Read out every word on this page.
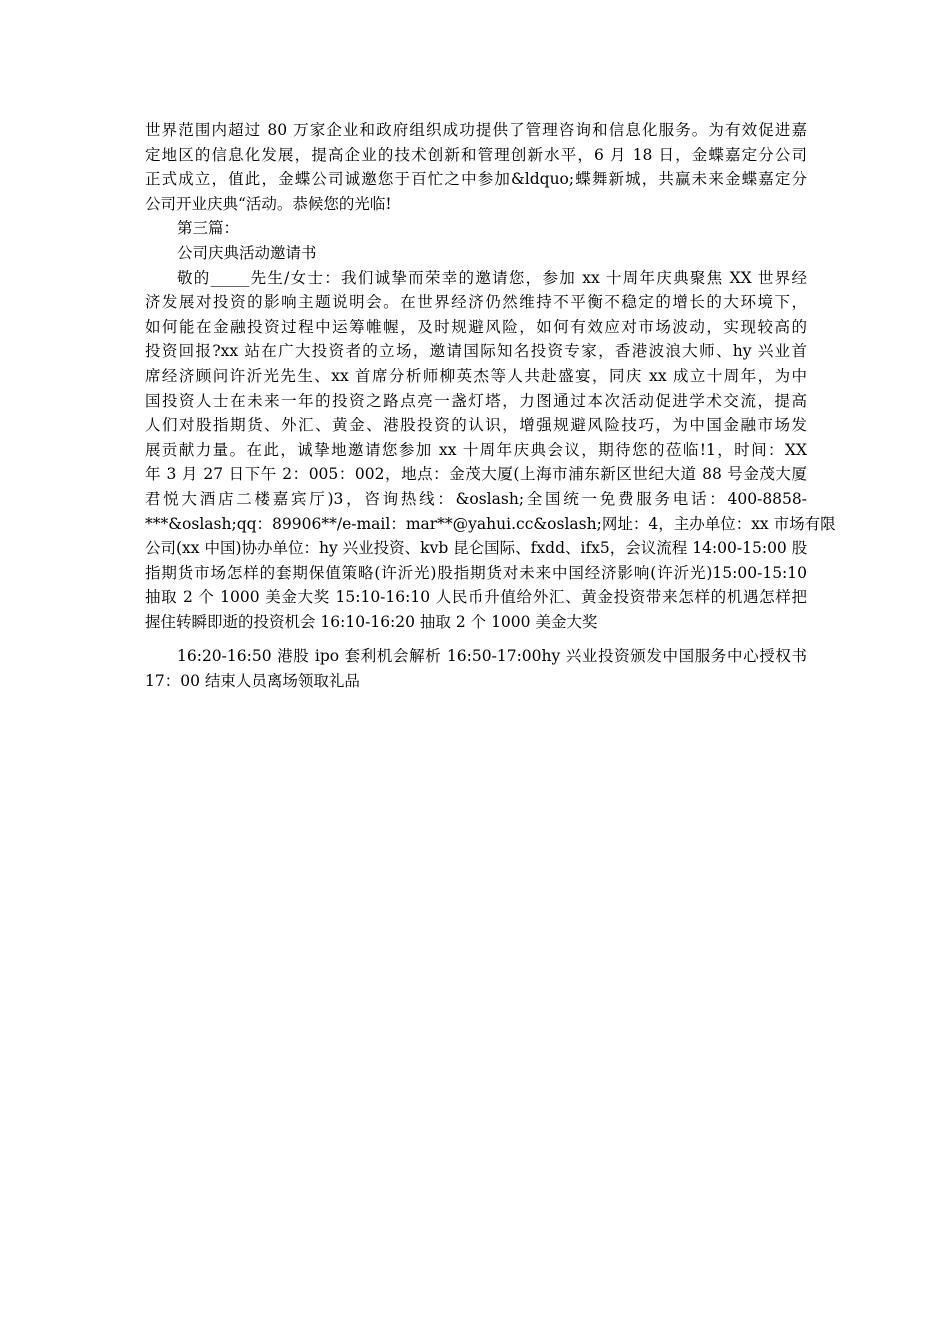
世界范围内超过 80 万家企业和政府组织成功提供了管理咨询和信息化服务。为有效促进嘉
定地区的信息化发展，提高企业的技术创新和管理创新水平，6 月 18 日，金蝶嘉定分公司
正式成立，值此，金蝶公司诚邀您于百忙之中参加&ldquo;蝶舞新城，共赢未来金蝶嘉定分
公司开业庆典“活动。恭候您的光临!
第三篇：
公司庆典活动邀请书
敬的_____先生/女士：我们诚挚而荣幸的邀请您，参加 xx 十周年庆典聚焦 XX 世界经
济发展对投资的影响主题说明会。在世界经济仍然维持不平衡不稳定的增长的大环境下，
如何能在金融投资过程中运筹帷幄，及时规避风险，如何有效应对市场波动，实现较高的
投资回报?xx 站在广大投资者的立场，邀请国际知名投资专家，香港波浪大师、hy 兴业首
席经济顾问许沂光先生、xx 首席分析师柳英杰等人共赴盛宴，同庆 xx 成立十周年，为中
国投资人士在未来一年的投资之路点亮一盏灯塔，力图通过本次活动促进学术交流，提高
人们对股指期货、外汇、黄金、港股投资的认识，增强规避风险技巧，为中国金融市场发
展贡献力量。在此，诚挚地邀请您参加 xx 十周年庆典会议，期待您的莅临!1，时间：XX
年 3 月 27 日下午 2：005：002，地点：金茂大厦(上海市浦东新区世纪大道 88 号金茂大厦
君悦大酒店二楼嘉宾厅)3，咨询热线：&oslash;全国统一免费服务电话：400-8858-
***&oslash;qq：89906**/e-mail：mar**@yahui.cc&oslash;网址：4，主办单位：xx 市场有限
公司(xx 中国)协办单位：hy 兴业投资、kvb 昆仑国际、fxdd、ifx5，会议流程 14:00-15:00 股
指期货市场怎样的套期保值策略(许沂光)股指期货对未来中国经济影响(许沂光)15:00-15:10
抽取 2 个 1000 美金大奖 15:10-16:10 人民币升值给外汇、黄金投资带来怎样的机遇怎样把
握住转瞬即逝的投资机会 16:10-16:20 抽取 2 个 1000 美金大奖
16:20-16:50 港股 ipo 套利机会解析 16:50-17:00hy 兴业投资颁发中国服务中心授权书
17：00 结束人员离场领取礼品
